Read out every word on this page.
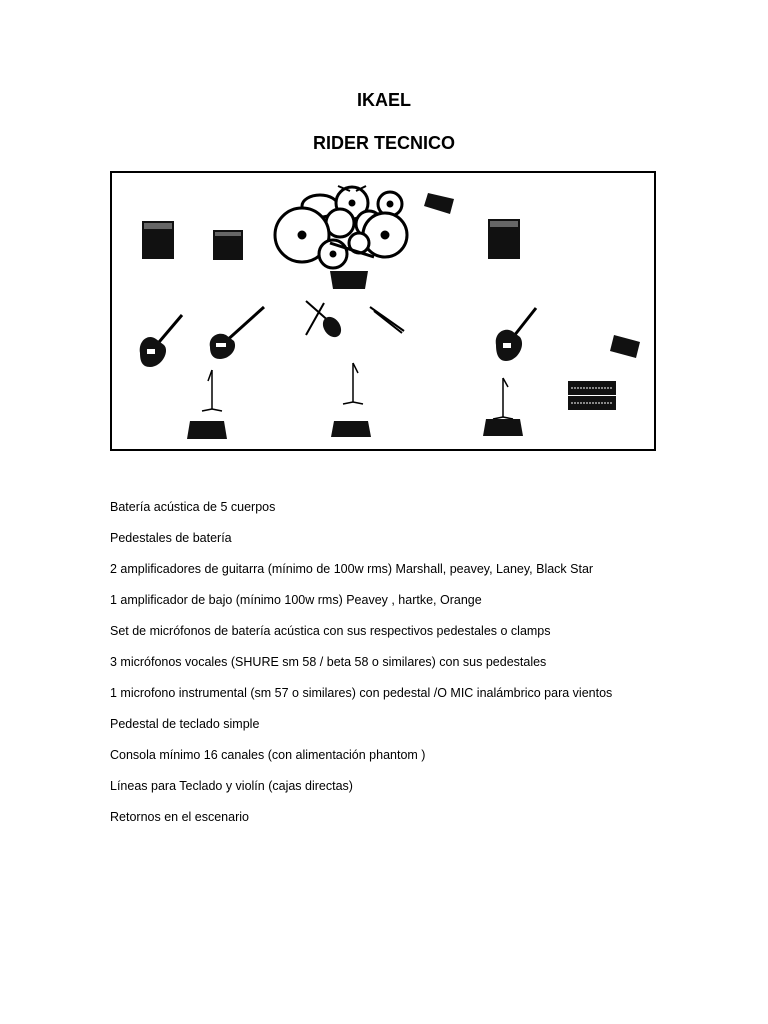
IKAEL
RIDER TECNICO
Batería acústica de 5 cuerpos
Pedestales de batería
2 amplificadores de guitarra (mínimo de 100w rms) Marshall, peavey, Laney, Black Star
1 amplificador de bajo (mínimo 100w rms) Peavey , hartke, Orange
Set de micrófonos de batería acústica con sus respectivos pedestales o clamps
3 micrófonos vocales (SHURE sm 58 / beta 58 o similares) con sus pedestales
1 microfono instrumental (sm 57 o similares) con pedestal /O MIC inalámbrico para vientos
Pedestal de teclado simple
Consola mínimo 16 canales (con alimentación phantom )
Líneas para Teclado y violín (cajas directas)
Retornos en el escenario
